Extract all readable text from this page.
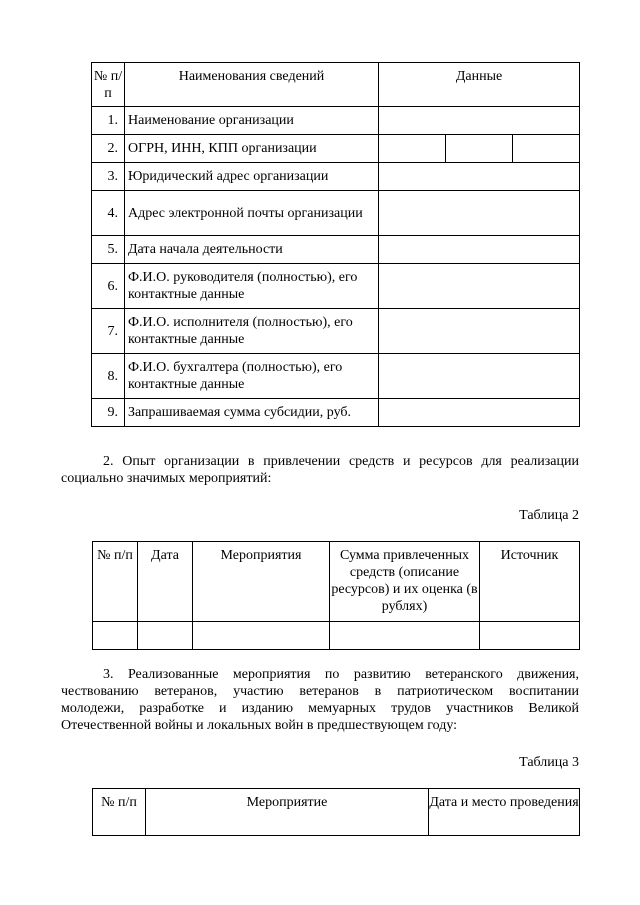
№ п/п	Наименования сведений	Данные		
1.	Наименование организации			
2.	ОГРН, ИНН, КПП организации			
3.	Юридический адрес организации			
4.	Адрес электронной почты организации			
5.	Дата начала деятельности			
6.	Ф.И.О. руководителя (полностью), его контактные данные			
7.	Ф.И.О. исполнителя (полностью), его контактные данные			
8.	Ф.И.О. бухгалтера (полностью), его контактные данные			
9.	Запрашиваемая сумма субсидии, руб.			

2. Опыт организации в привлечении средств и ресурсов для реализации
социально значимых мероприятий:

Таблица 2

№ п/п	Дата	Мероприятия	Сумма привлеченных средств (описание ресурсов) и их оценка (в рублях)	Источник

3. Реализованные мероприятия по развитию ветеранского движения,
чествованию ветеранов, участию ветеранов в патриотическом воспитании
молодежи, разработке и изданию мемуарных трудов участников Великой
Отечественной войны и локальных войн в предшествующем году:

Таблица 3

№ п/п	Мероприятие	Дата и место проведения
